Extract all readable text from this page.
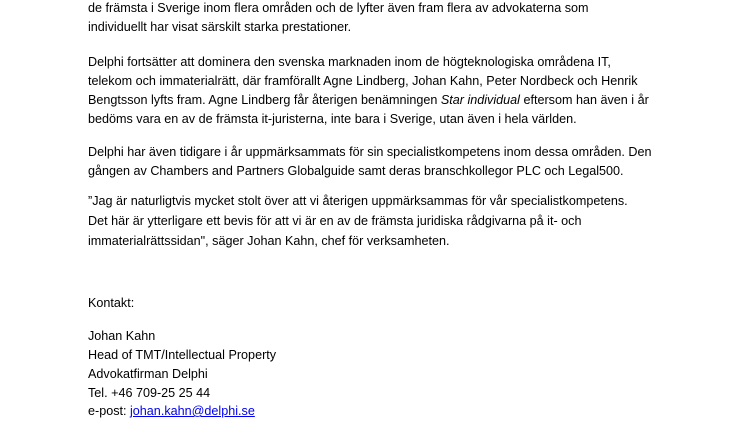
de främsta i Sverige inom flera områden och de lyfter även fram flera av advokaterna som
individuellt har visat särskilt starka prestationer.
Delphi fortsätter att dominera den svenska marknaden inom de högteknologiska områdena IT,
telekom och immaterialrätt, där framförallt Agne Lindberg, Johan Kahn, Peter Nordbeck och Henrik
Bengtsson lyfts fram. Agne Lindberg får återigen benämningen Star individual eftersom han även i år
bedöms vara en av de främsta it-juristerna, inte bara i Sverige, utan även i hela världen.
Delphi har även tidigare i år uppmärksammats för sin specialistkompetens inom dessa områden. Den
gången av Chambers and Partners Globalguide samt deras branschkollegor PLC och Legal500.
”Jag är naturligtvis mycket stolt över att vi återigen uppmärksammas för vår specialistkompetens.
Det här är ytterligare ett bevis för att vi är en av de främsta juridiska rådgivarna på it- och
immaterialrättssidan", säger Johan Kahn, chef för verksamheten.
Kontakt:
Johan Kahn
Head of TMT/Intellectual Property
Advokatfirman Delphi
Tel. +46 709-25 25 44
e-post: johan.kahn@delphi.se
